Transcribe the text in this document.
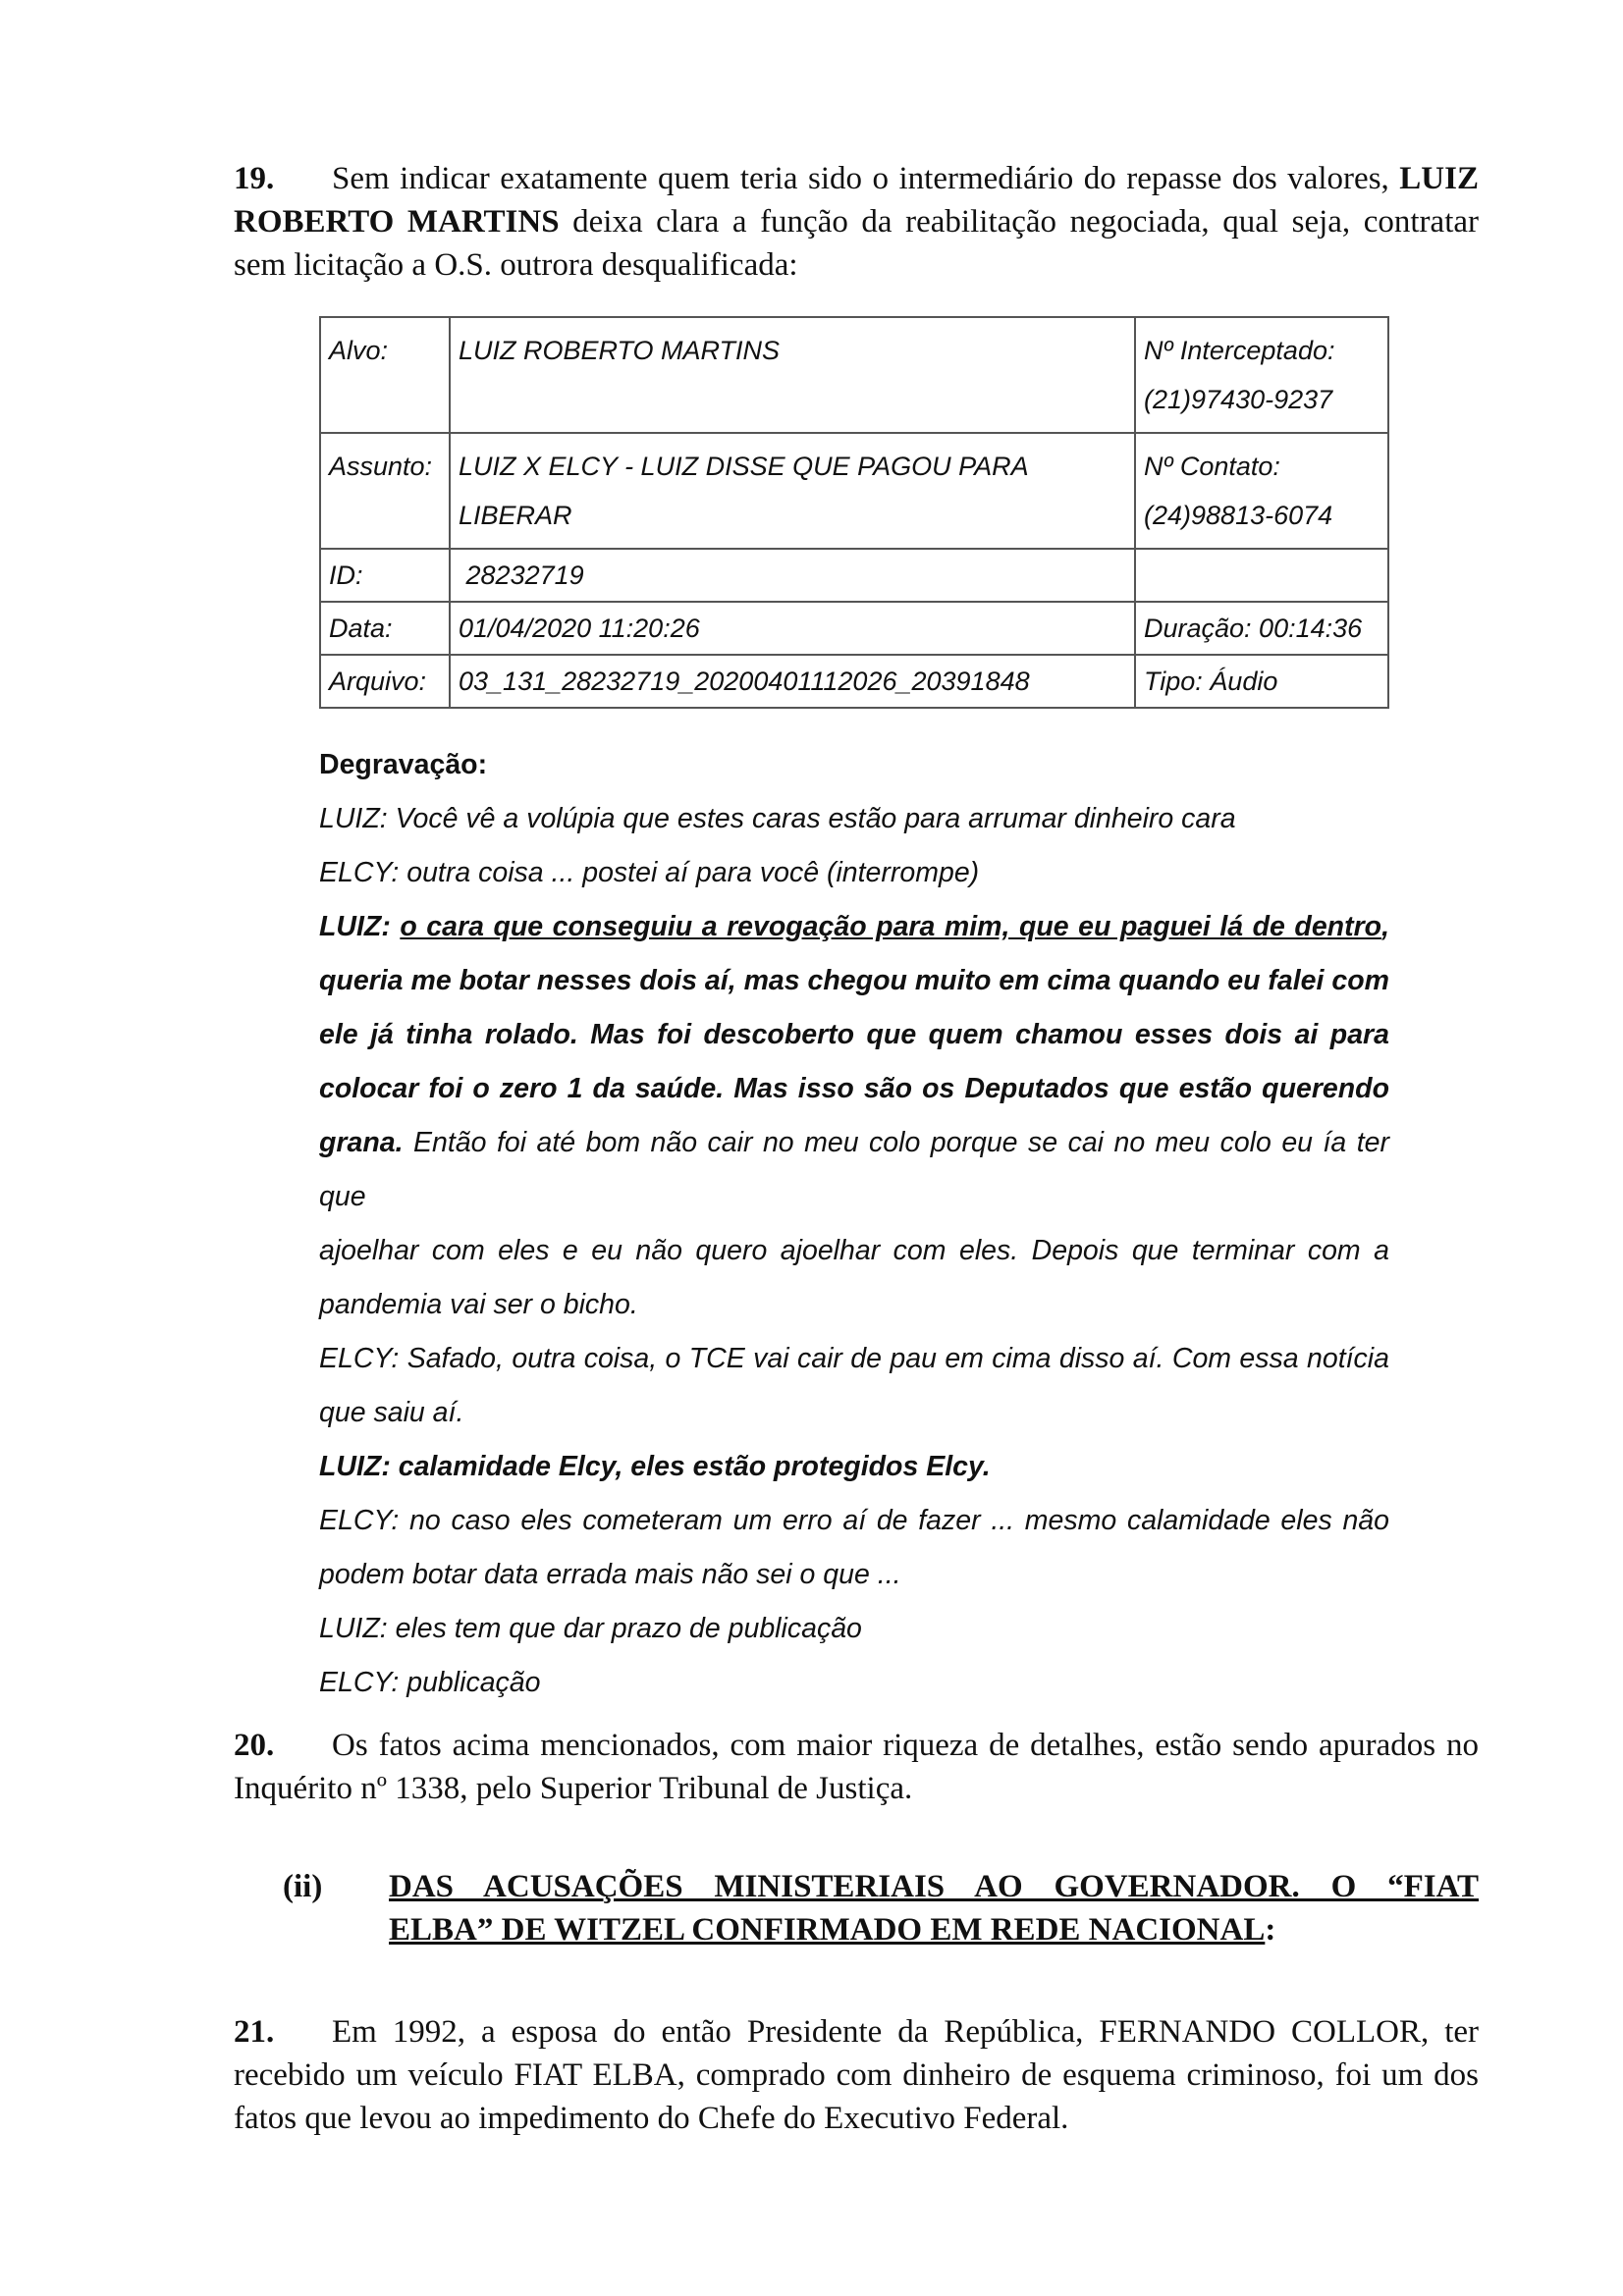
19. Sem indicar exatamente quem teria sido o intermediário do repasse dos valores, LUIZ ROBERTO MARTINS deixa clara a função da reabilitação negociada, qual seja, contratar sem licitação a O.S. outrora desqualificada:
Alvo:	LUIZ ROBERTO MARTINS	Nº Interceptado:
(21)97430-9237
Assunto:	LUIZ X ELCY - LUIZ DISSE QUE PAGOU PARA LIBERAR	Nº Contato:
(24)98813-6074
ID:	28232719	
Data:	01/04/2020 11:20:26	Duração: 00:14:36
Arquivo:	03_131_28232719_20200401112026_20391848	Tipo: Áudio
Degravação:
LUIZ: Você vê a volúpia que estes caras estão para arrumar dinheiro cara
ELCY: outra coisa ... postei aí para você (interrompe)
LUIZ: o cara que conseguiu a revogação para mim, que eu paguei lá de dentro,
queria me botar nesses dois aí, mas chegou muito em cima quando eu falei com
ele já tinha rolado. Mas foi descoberto que quem chamou esses dois ai para
colocar foi o zero 1 da saúde. Mas isso são os Deputados que estão querendo
grana. Então foi até bom não cair no meu colo porque se cai no meu colo eu ía ter que
ajoelhar com eles e eu não quero ajoelhar com eles. Depois que terminar com a
pandemia vai ser o bicho.
ELCY: Safado, outra coisa, o TCE vai cair de pau em cima disso aí. Com essa notícia
que saiu aí.
LUIZ: calamidade Elcy, eles estão protegidos Elcy.
ELCY: no caso eles cometeram um erro aí de fazer ... mesmo calamidade eles não
podem botar data errada mais não sei o que ...
LUIZ: eles tem que dar prazo de publicação
ELCY: publicação
20. Os fatos acima mencionados, com maior riqueza de detalhes, estão sendo apurados no Inquérito nº 1338, pelo Superior Tribunal de Justiça.
(ii) DAS ACUSAÇÕES MINISTERIAIS AO GOVERNADOR. O “FIAT
ELBA” DE WITZEL CONFIRMADO EM REDE NACIONAL:
21. Em 1992, a esposa do então Presidente da República, FERNANDO COLLOR, ter recebido um veículo FIAT ELBA, comprado com dinheiro de esquema criminoso, foi um dos fatos que levou ao impedimento do Chefe do Executivo Federal.
